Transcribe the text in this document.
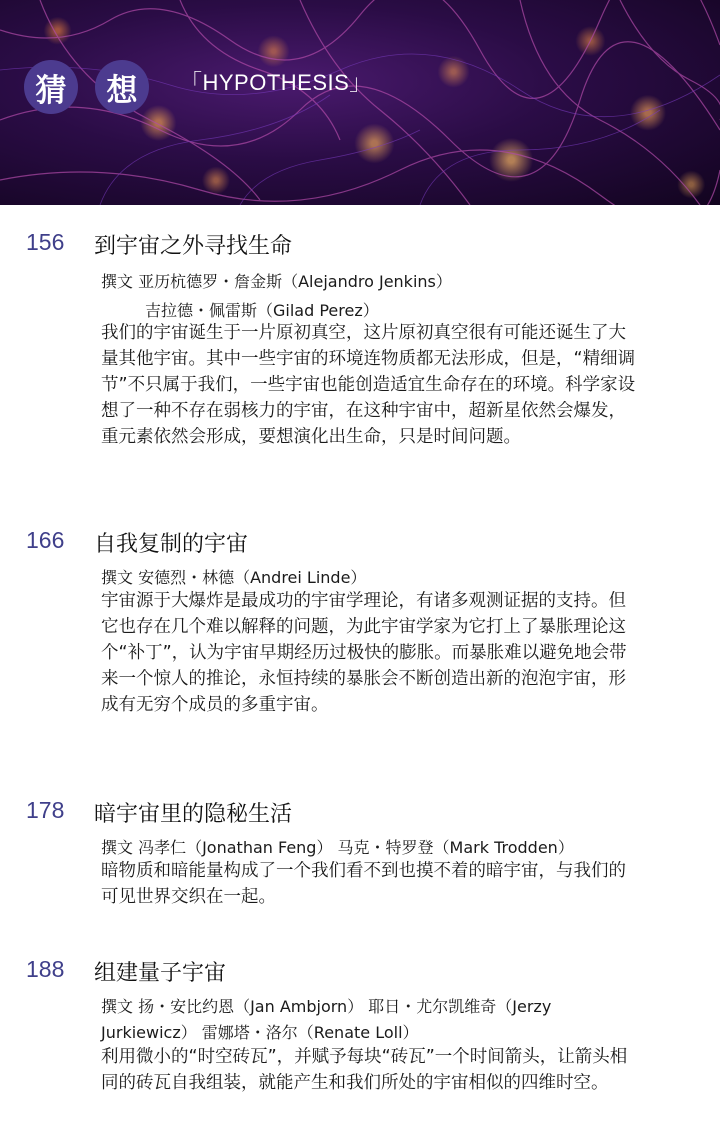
猜 想 「HYPOTHESIS」
156 到宇宙之外寻找生命
撰文 亚历杭德罗・詹金斯（Alejandro Jenkins）
吉拉德・佩雷斯（Gilad Perez）

我们的宇宙诞生于一片原初真空，这片原初真空很有可能还诞生了大量其他宇宙。其中一些宇宙的环境连物质都无法形成，但是，“精细调节”不只属于我们，一些宇宙也能创造适宜生命存在的环境。科学家设想了一种不存在弱核力的宇宙，在这种宇宙中，超新星依然会爆发，重元素依然会形成，要想演化出生命，只是时间问题。

166 自我复制的宇宙
撰文 安德烈・林德（Andrei Linde）

宇宙源于大爆炸是最成功的宇宙学理论，有诸多观测证据的支持。但它也存在几个难以解释的问题，为此宇宙学家为它打上了暴胀理论这个“补丁”，认为宇宙早期经历过极快的膨胀。而暴胀难以避免地会带来一个惊人的推论，永恒持续的暴胀会不断创造出新的泡泡宇宙，形成有无穷个成员的多重宇宙。

178 暗宇宙里的隐秘生活
撰文 冯孝仁（Jonathan Feng） 马克・特罗登（Mark Trodden）

暗物质和暗能量构成了一个我们看不到也摸不着的暗宇宙，与我们的可见世界交织在一起。

188 组建量子宇宙
撰文 扬・安比约恩（Jan Ambjorn） 耶日・尤尔凯维奇（Jerzy
Jurkiewicz） 雷娜塔・洛尔（Renate Loll）

利用微小的“时空砖瓦”，并赋予每块“砖瓦”一个时间箭头，让箭头相同的砖瓦自我组装，就能产生和我们所处的宇宙相似的四维时空。
